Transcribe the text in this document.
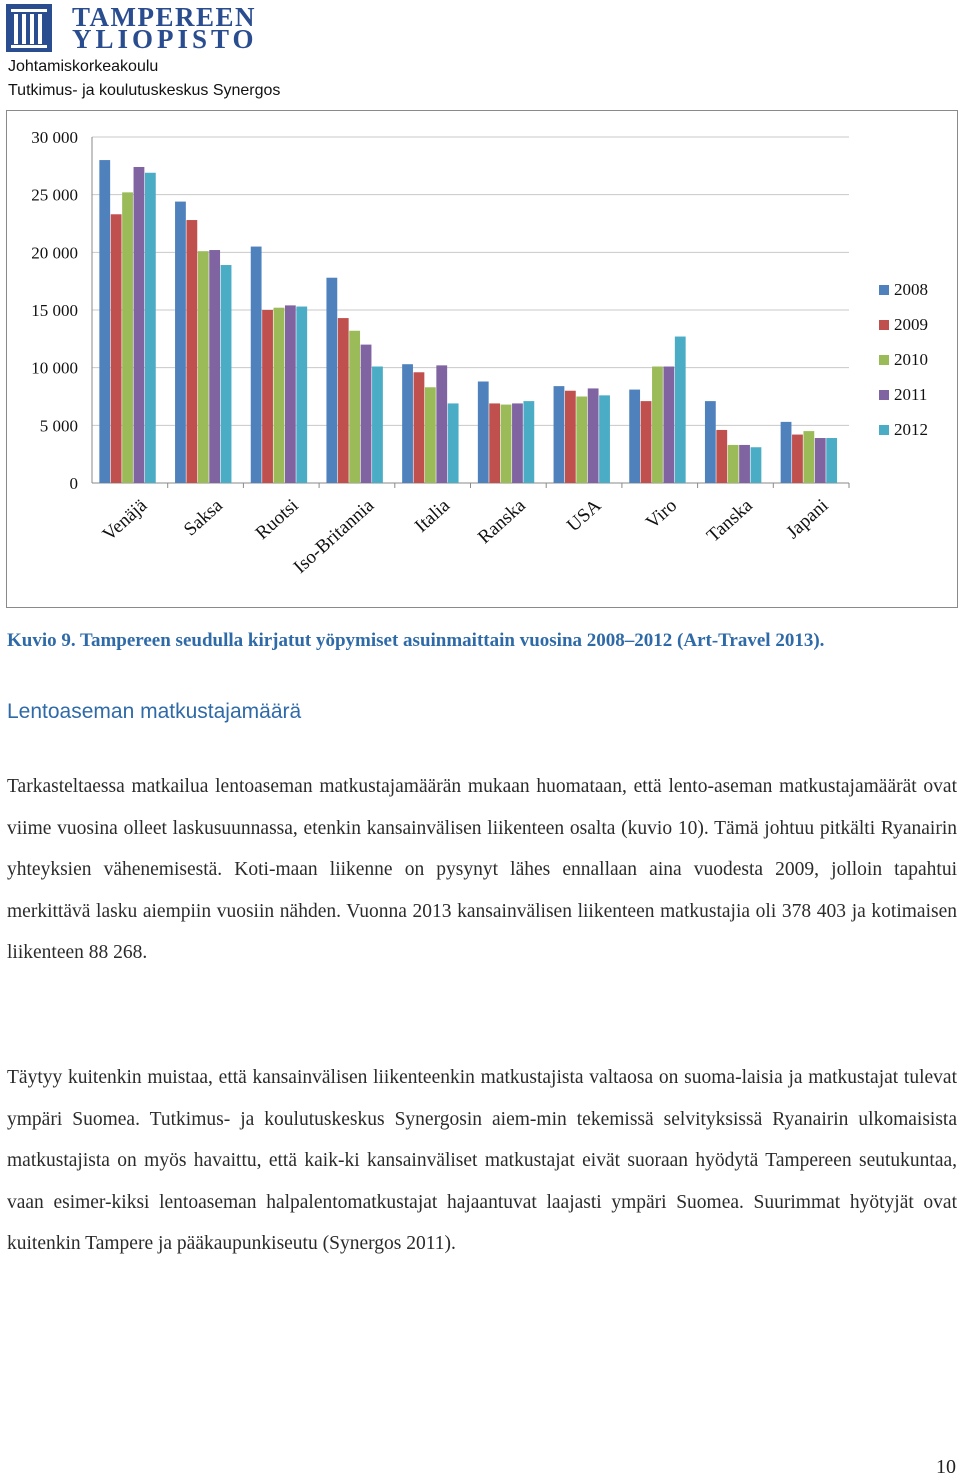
TAMPEREEN
YLIOPISTO
Johtamiskorkeakoulu
Tutkimus- ja koulutuskeskus Synergos
0
5 000
10 000
15 000
20 000
25 000
30 000
Venäjä Saksa Ruotsi
Iso-Britannia Italia Ranska USA Viro Tanska Japani
2008
2009
2010
2011
2012
Kuvio 9. Tampereen seudulla kirjatut yöpymiset asuinmaittain vuosina 2008–2012 (Art-Travel 2013).
Lentoaseman matkustajamäärä
Tarkasteltaessa matkailua lentoaseman matkustajamäärän mukaan huomataan, että lento-aseman matkustajamäärät ovat viime vuosina olleet laskusuunnassa, etenkin kansainvälisen liikenteen osalta (kuvio 10). Tämä johtuu pitkälti Ryanairin yhteyksien vähenemisestä. Koti-maan liikenne on pysynyt lähes ennallaan aina vuodesta 2009, jolloin tapahtui merkittävä lasku aiempiin vuosiin nähden. Vuonna 2013 kansainvälisen liikenteen matkustajia oli 378 403 ja kotimaisen liikenteen 88 268.
Täytyy kuitenkin muistaa, että kansainvälisen liikenteenkin matkustajista valtaosa on suoma-laisia ja matkustajat tulevat ympäri Suomea. Tutkimus- ja koulutuskeskus Synergosin aiem-min tekemissä selvityksissä Ryanairin ulkomaisista matkustajista on myös havaittu, että kaik-ki kansainväliset matkustajat eivät suoraan hyödytä Tampereen seutukuntaa, vaan esimer-kiksi lentoaseman halpalentomatkustajat hajaantuvat laajasti ympäri Suomea. Suurimmat hyötyjät ovat kuitenkin Tampere ja pääkaupunkiseutu (Synergos 2011).
10
